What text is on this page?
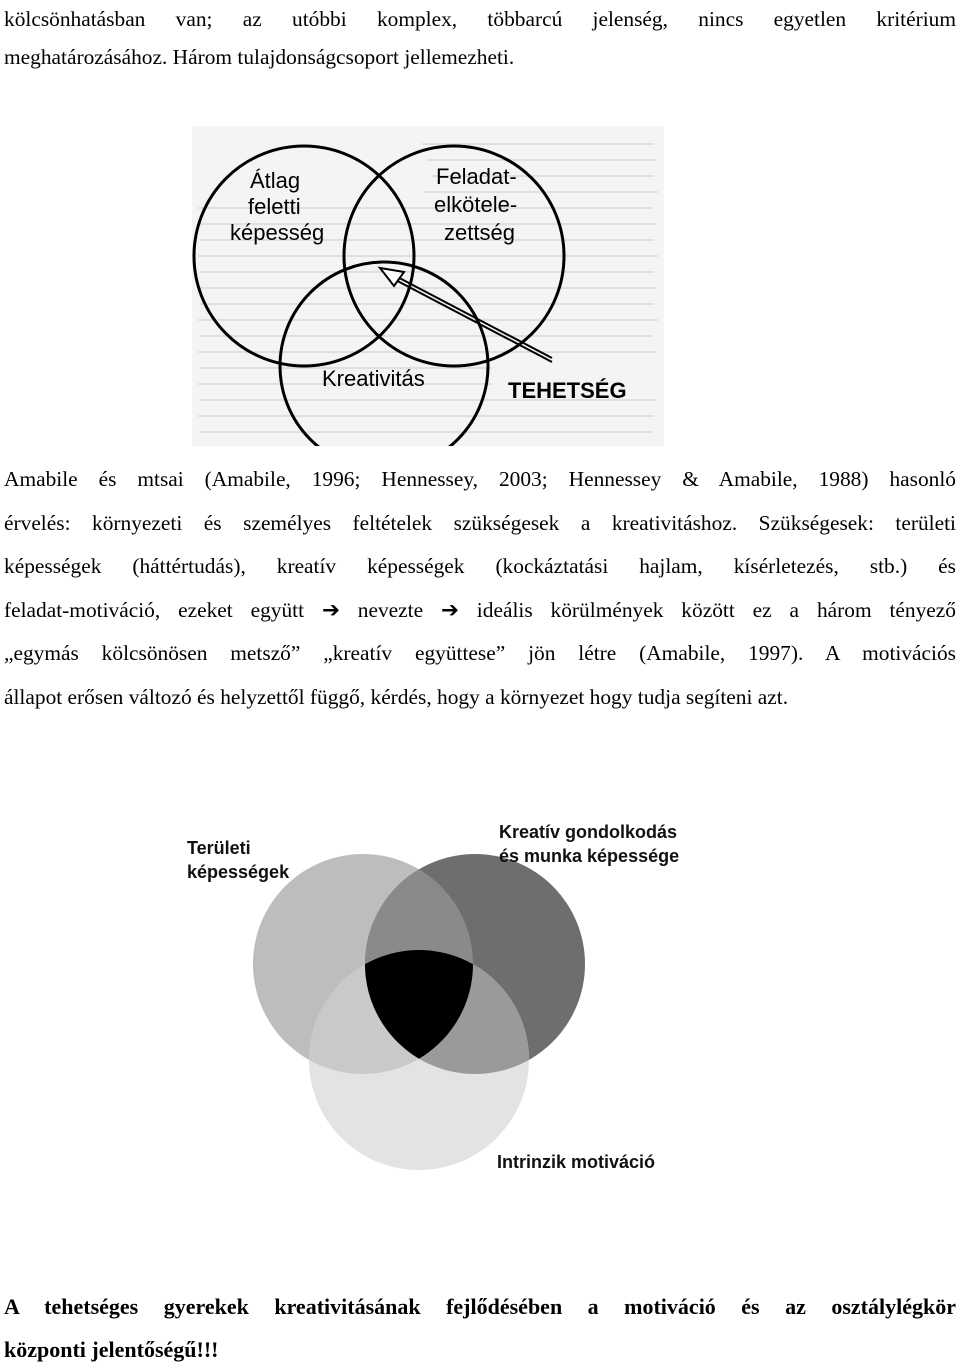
kölcsönhatásban van; az utóbbi komplex, többarcú jelenség, nincs egyetlen kritérium
meghatározásához. Három tulajdonságcsoport jellemezheti.

Átlag
feletti
képesség
Feladat-
elkötele-
zettség
Kreativitás	TEHETSÉG

Amabile és mtsai (Amabile, 1996; Hennessey, 2003; Hennessey & Amabile, 1988) hasonló
érvelés: környezeti és személyes feltételek szükségesek a kreativitáshoz. Szükségesek: területi
képességek (háttértudás), kreatív képességek (kockáztatási hajlam, kísérletezés, stb.) és
feladat-motiváció, ezeket együtt ➔ nevezte ➔ ideális körülmények között ez a három tényező
„egymás kölcsönösen metsző” „kreatív együttese” jön létre (Amabile, 1997). A motivációs
állapot erősen változó és helyzettől függő, kérdés, hogy a környezet hogy tudja segíteni azt.

Területi
képességek
Kreatív gondolkodás
és munka képessége
Intrinzik motiváció

A tehetséges gyerekek kreativitásának fejlődésében a motiváció és az osztálylégkör
központi jelentőségű!!!
